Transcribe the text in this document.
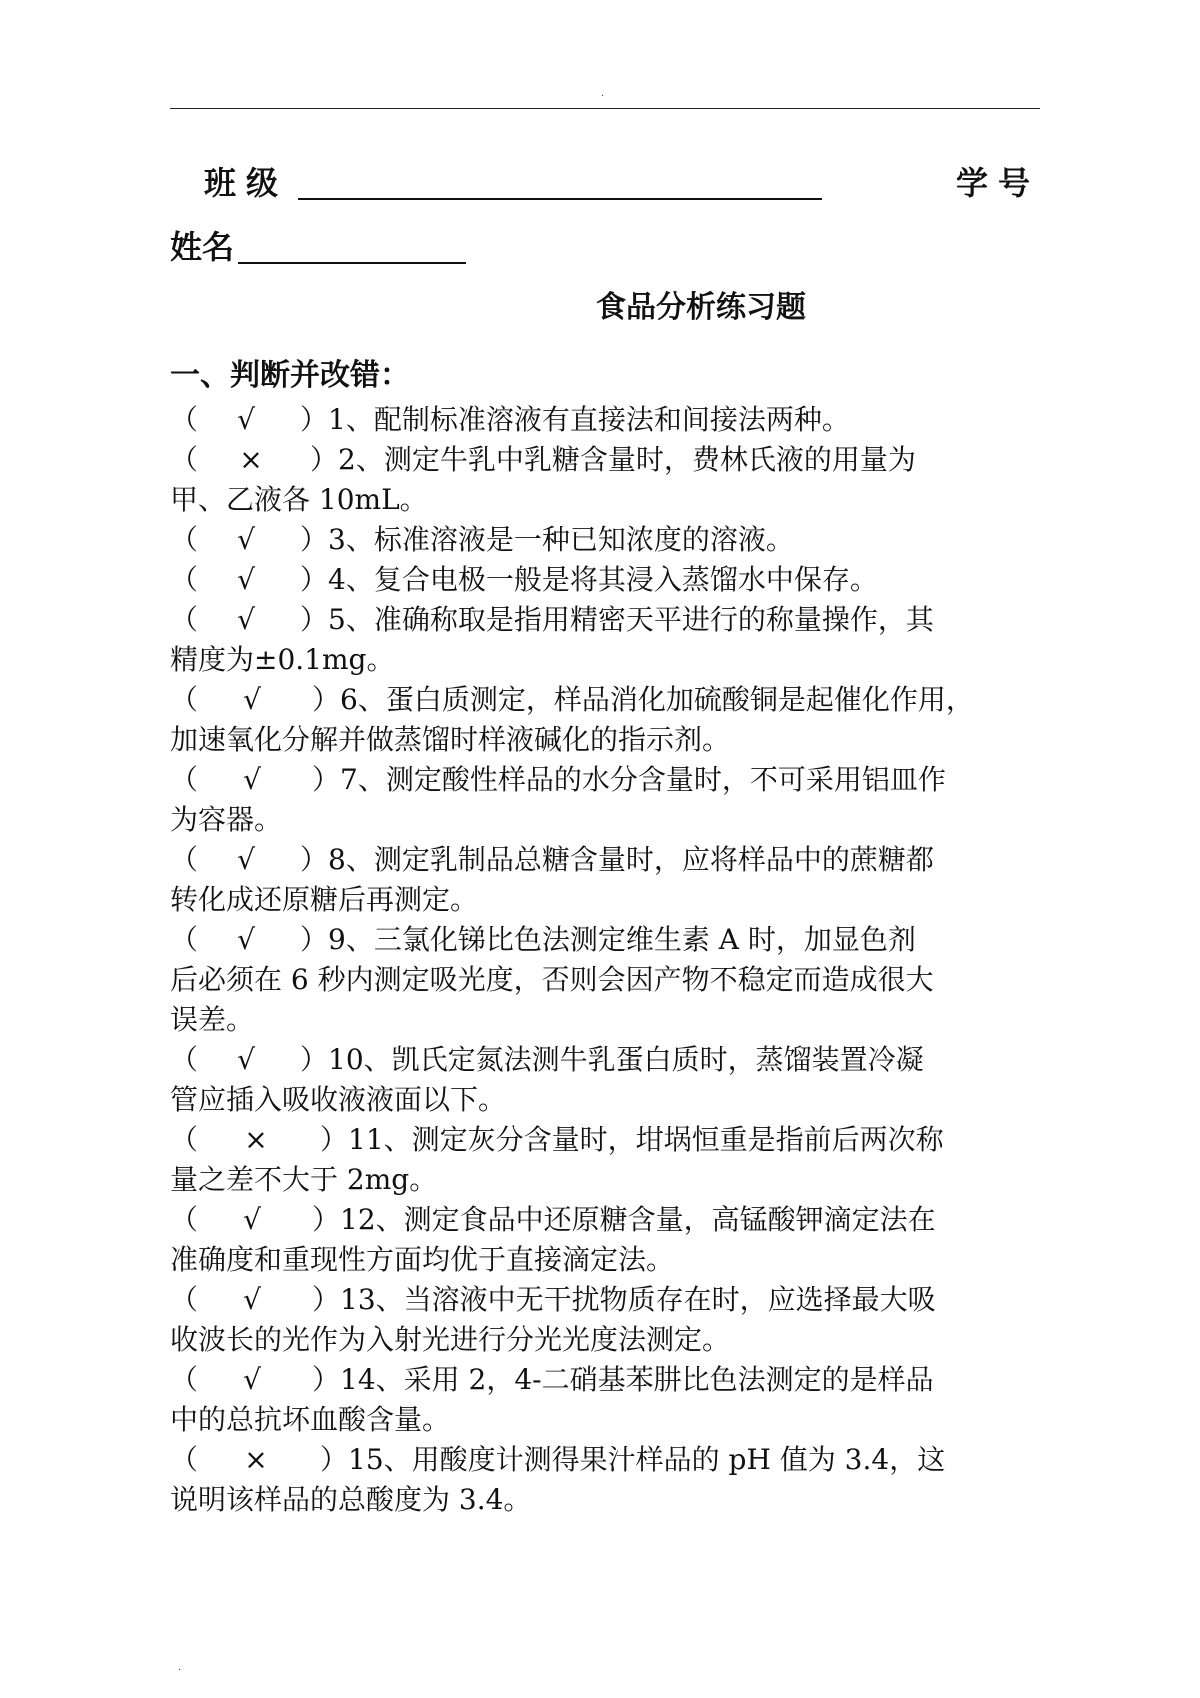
.
班级	学号
姓名
食品分析练习题
一、判断并改错：
（ √ ）1、配制标准溶液有直接法和间接法两种。
（ × ）2、测定牛乳中乳糖含量时，费林氏液的用量为
甲、乙液各 10mL。
（ √ ）3、标准溶液是一种已知浓度的溶液。
（ √ ）4、复合电极一般是将其浸入蒸馏水中保存。
（ √ ）5、准确称取是指用精密天平进行的称量操作，其
精度为±0.1mg。
（ √ ）6、蛋白质测定，样品消化加硫酸铜是起催化作用，
加速氧化分解并做蒸馏时样液碱化的指示剂。
（ √ ）7、测定酸性样品的水分含量时，不可采用铝皿作
为容器。
（ √ ）8、测定乳制品总糖含量时，应将样品中的蔗糖都
转化成还原糖后再测定。
（ √ ）9、三氯化锑比色法测定维生素 A 时，加显色剂
后必须在 6 秒内测定吸光度，否则会因产物不稳定而造成很大
误差。
（ √ ）10、凯氏定氮法测牛乳蛋白质时，蒸馏装置冷凝
管应插入吸收液液面以下。
（ × ）11、测定灰分含量时，坩埚恒重是指前后两次称
量之差不大于 2mg。
（ √ ）12、测定食品中还原糖含量，高锰酸钾滴定法在
准确度和重现性方面均优于直接滴定法。
（ √ ）13、当溶液中无干扰物质存在时，应选择最大吸
收波长的光作为入射光进行分光光度法测定。
（ √ ）14、采用 2，4-二硝基苯肼比色法测定的是样品
中的总抗坏血酸含量。
（ × ）15、用酸度计测得果汁样品的 pH 值为 3.4，这
说明该样品的总酸度为 3.4。
.
